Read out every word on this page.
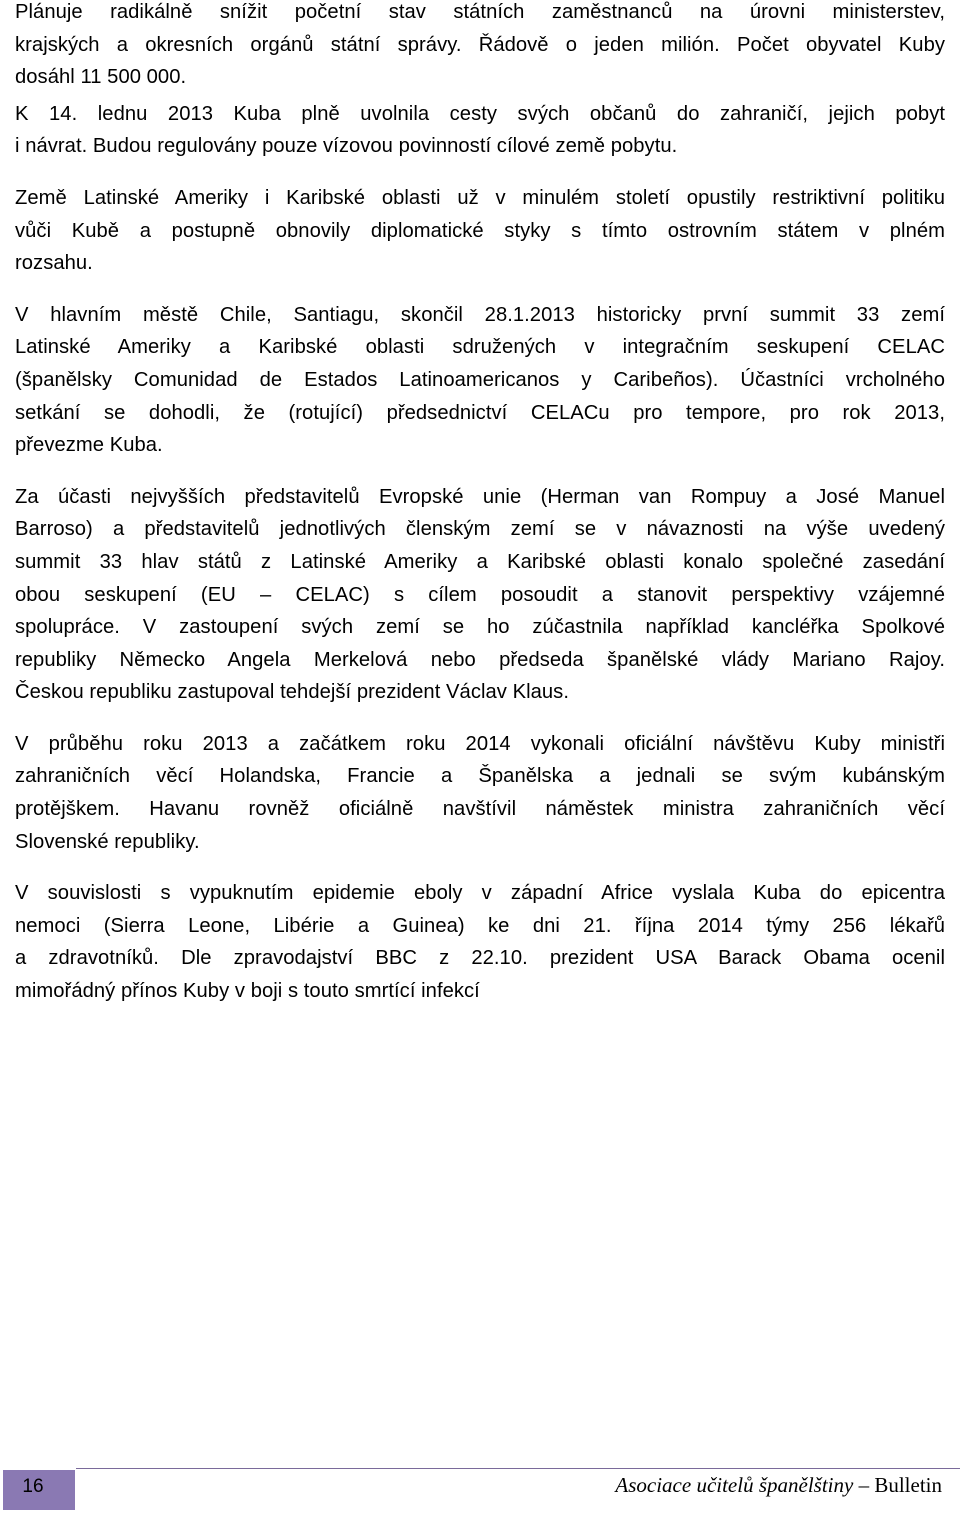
Plánuje radikálně snížit početní stav státních zaměstnanců na úrovni ministerstev,
krajských a okresních orgánů státní správy. Řádově o jeden milión. Počet obyvatel Kuby
dosáhl 11 500 000.

K 14. lednu 2013 Kuba plně uvolnila cesty svých občanů do zahraničí, jejich pobyt
i návrat. Budou regulovány pouze vízovou povinností cílové země pobytu.

Země Latinské Ameriky i Karibské oblasti už v minulém století opustily restriktivní politiku
vůči Kubě a postupně obnovily diplomatické styky s tímto ostrovním státem v plném
rozsahu.

V hlavním městě Chile, Santiagu, skončil 28.1.2013 historicky první summit 33 zemí
Latinské Ameriky a Karibské oblasti sdružených v integračním seskupení CELAC
(španělsky Comunidad de Estados Latinoamericanos y Caribeños). Účastníci vrcholného
setkání se dohodli, že (rotující) předsednictví CELACu pro tempore, pro rok 2013,
převezme Kuba.

Za účasti nejvyšších představitelů Evropské unie (Herman van Rompuy a José Manuel
Barroso) a představitelů jednotlivých členským zemí se v návaznosti na výše uvedený
summit 33 hlav států z Latinské Ameriky a Karibské oblasti konalo společné zasedání
obou seskupení (EU – CELAC) s cílem posoudit a stanovit perspektivy vzájemné
spolupráce. V zastoupení svých zemí se ho zúčastnila například kancléřka Spolkové
republiky Německo Angela Merkelová nebo předseda španělské vlády Mariano Rajoy.
Českou republiku zastupoval tehdejší prezident Václav Klaus.

V průběhu roku 2013 a začátkem roku 2014 vykonali oficiální návštěvu Kuby ministři
zahraničních věcí Holandska, Francie a Španělska a jednali se svým kubánským
protějškem. Havanu rovněž oficiálně navštívil náměstek ministra zahraničních věcí
Slovenské republiky.

V souvislosti s vypuknutím epidemie eboly v západní Africe vyslala Kuba do epicentra
nemoci (Sierra Leone, Libérie a Guinea) ke dni 21. října 2014 týmy 256 lékařů
a zdravotníků. Dle zpravodajství BBC z 22.10. prezident USA Barack Obama ocenil
mimořádný přínos Kuby v boji s touto smrtící infekcí

16	Asociace učitelů španělštiny – Bulletin
